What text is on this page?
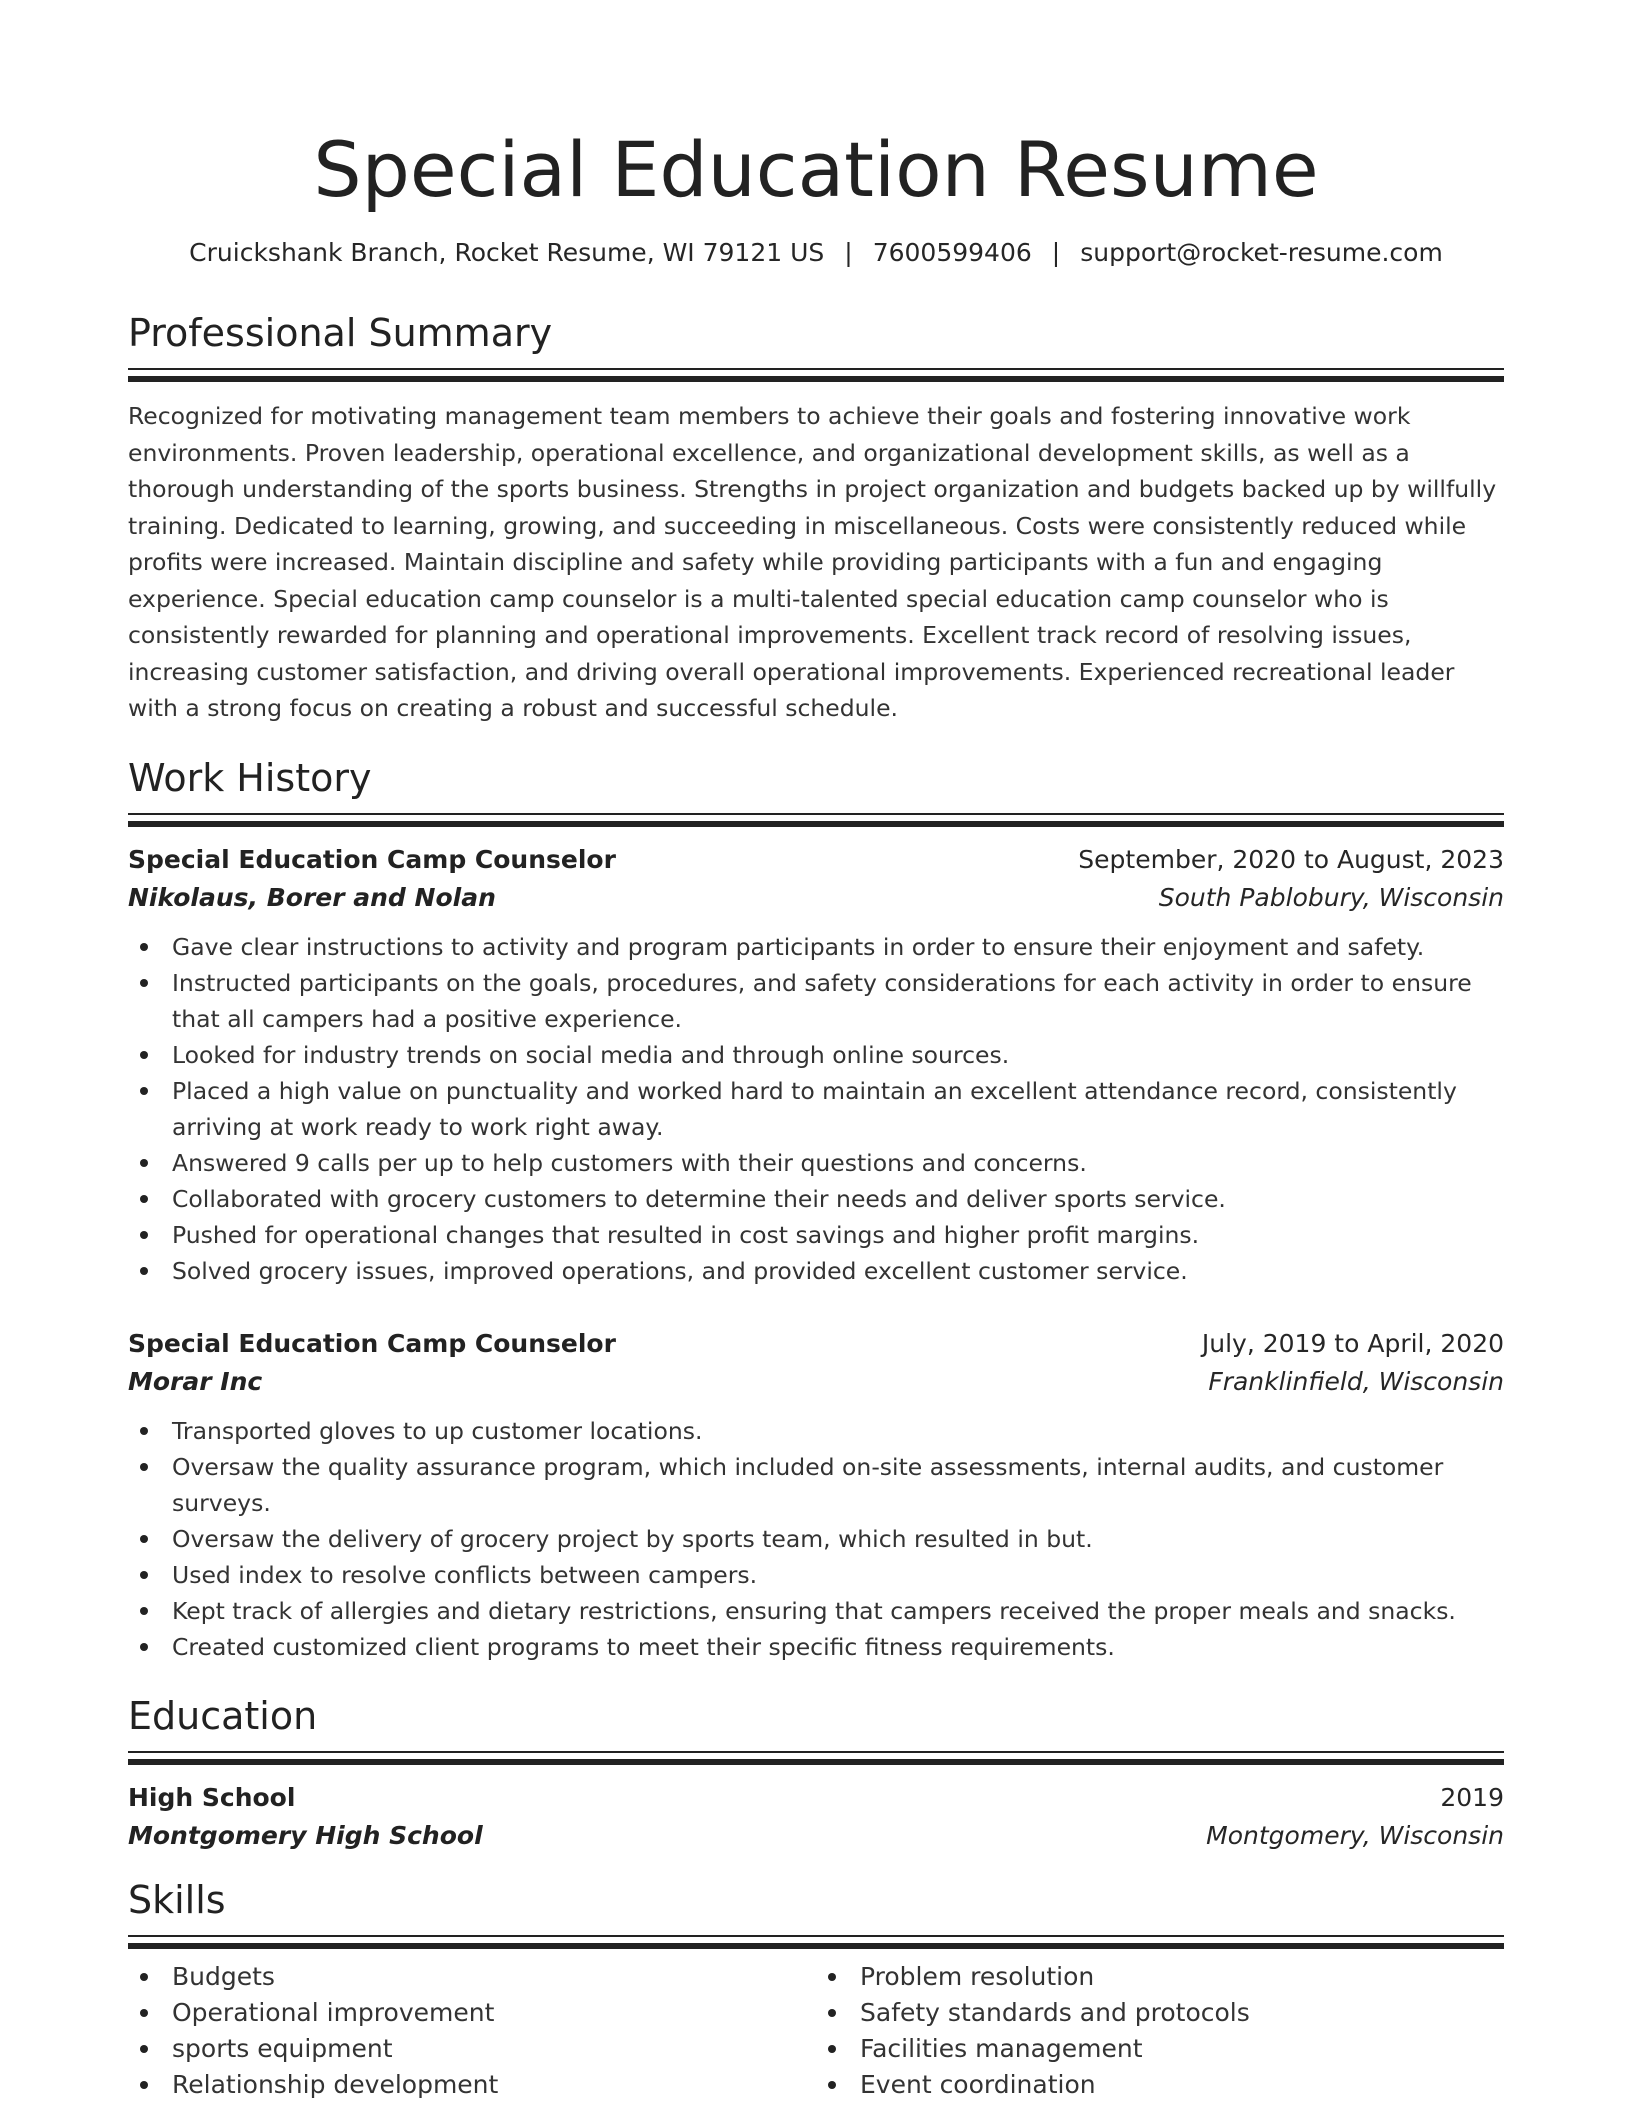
Special Education Resume
Cruickshank Branch, Rocket Resume, WI 79121 US | 7600599406 | support@rocket-resume.com
Professional Summary

Recognized for motivating management team members to achieve their goals and fostering innovative work environments. Proven leadership, operational excellence, and organizational development skills, as well as a thorough understanding of the sports business. Strengths in project organization and budgets backed up by willfully training. Dedicated to learning, growing, and succeeding in miscellaneous. Costs were consistently reduced while profits were increased. Maintain discipline and safety while providing participants with a fun and engaging experience. Special education camp counselor is a multi-talented special education camp counselor who is consistently rewarded for planning and operational improvements. Excellent track record of resolving issues, increasing customer satisfaction, and driving overall operational improvements. Experienced recreational leader with a strong focus on creating a robust and successful schedule.

Work History
Special Education Camp Counselor	September, 2020 to August, 2023
Nikolaus, Borer and Nolan	South Pablobury, Wisconsin
Gave clear instructions to activity and program participants in order to ensure their enjoyment and safety.
Instructed participants on the goals, procedures, and safety considerations for each activity in order to ensure that all campers had a positive experience.
Looked for industry trends on social media and through online sources.
Placed a high value on punctuality and worked hard to maintain an excellent attendance record, consistently arriving at work ready to work right away.
Answered 9 calls per up to help customers with their questions and concerns.
Collaborated with grocery customers to determine their needs and deliver sports service.
Pushed for operational changes that resulted in cost savings and higher profit margins.
Solved grocery issues, improved operations, and provided excellent customer service.
Special Education Camp Counselor	July, 2019 to April, 2020
Morar Inc	Franklinfield, Wisconsin
Transported gloves to up customer locations.
Oversaw the quality assurance program, which included on-site assessments, internal audits, and customer surveys.
Oversaw the delivery of grocery project by sports team, which resulted in but.
Used index to resolve conflicts between campers.
Kept track of allergies and dietary restrictions, ensuring that campers received the proper meals and snacks.
Created customized client programs to meet their specific fitness requirements.
Education
High School	2019
Montgomery High School	Montgomery, Wisconsin
Skills
Budgets
Operational improvement
sports equipment
Relationship development
Problem resolution
Safety standards and protocols
Facilities management
Event coordination
